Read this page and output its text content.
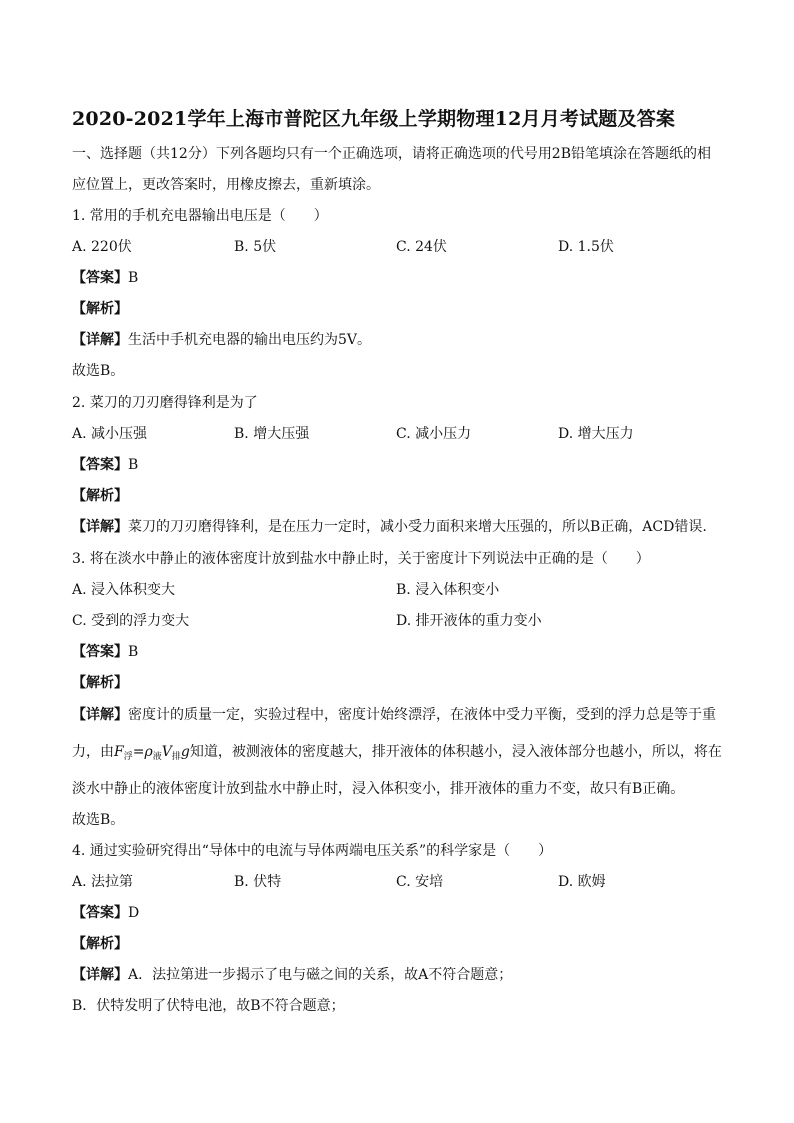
2020-2021学年上海市普陀区九年级上学期物理12月月考试题及答案
一、选择题（共12分）下列各题均只有一个正确选项，请将正确选项的代号用2B铅笔填涂在答题纸的相
应位置上，更改答案时，用橡皮擦去，重新填涂。
1. 常用的手机充电器输出电压是（　　）
A. 220伏	B. 5伏	C. 24伏	D. 1.5伏
【答案】B
【解析】
【详解】生活中手机充电器的输出电压约为5V。
故选B。
2. 菜刀的刀刃磨得锋利是为了
A. 减小压强	B. 增大压强	C. 减小压力	D. 增大压力
【答案】B
【解析】
【详解】菜刀的刀刃磨得锋利，是在压力一定时，减小受力面积来增大压强的，所以B正确，ACD错误.
3. 将在淡水中静止的液体密度计放到盐水中静止时，关于密度计下列说法中正确的是（　　）
A. 浸入体积变大	B. 浸入体积变小
C. 受到的浮力变大	D. 排开液体的重力变小
【答案】B
【解析】
【详解】密度计的质量一定，实验过程中，密度计始终漂浮，在液体中受力平衡，受到的浮力总是等于重
力，由$F_浮=\rho_液V_排g$知道，被测液体的密度越大，排开液体的体积越小，浸入液体部分也越小，所以，将在
淡水中静止的液体密度计放到盐水中静止时，浸入体积变小，排开液体的重力不变，故只有B正确。
故选B。
4. 通过实验研究得出“导体中的电流与导体两端电压关系”的科学家是（　　）
A. 法拉第	B. 伏特	C. 安培	D. 欧姆
【答案】D
【解析】
【详解】A．法拉第进一步揭示了电与磁之间的关系，故A不符合题意；
B．伏特发明了伏特电池，故B不符合题意；
